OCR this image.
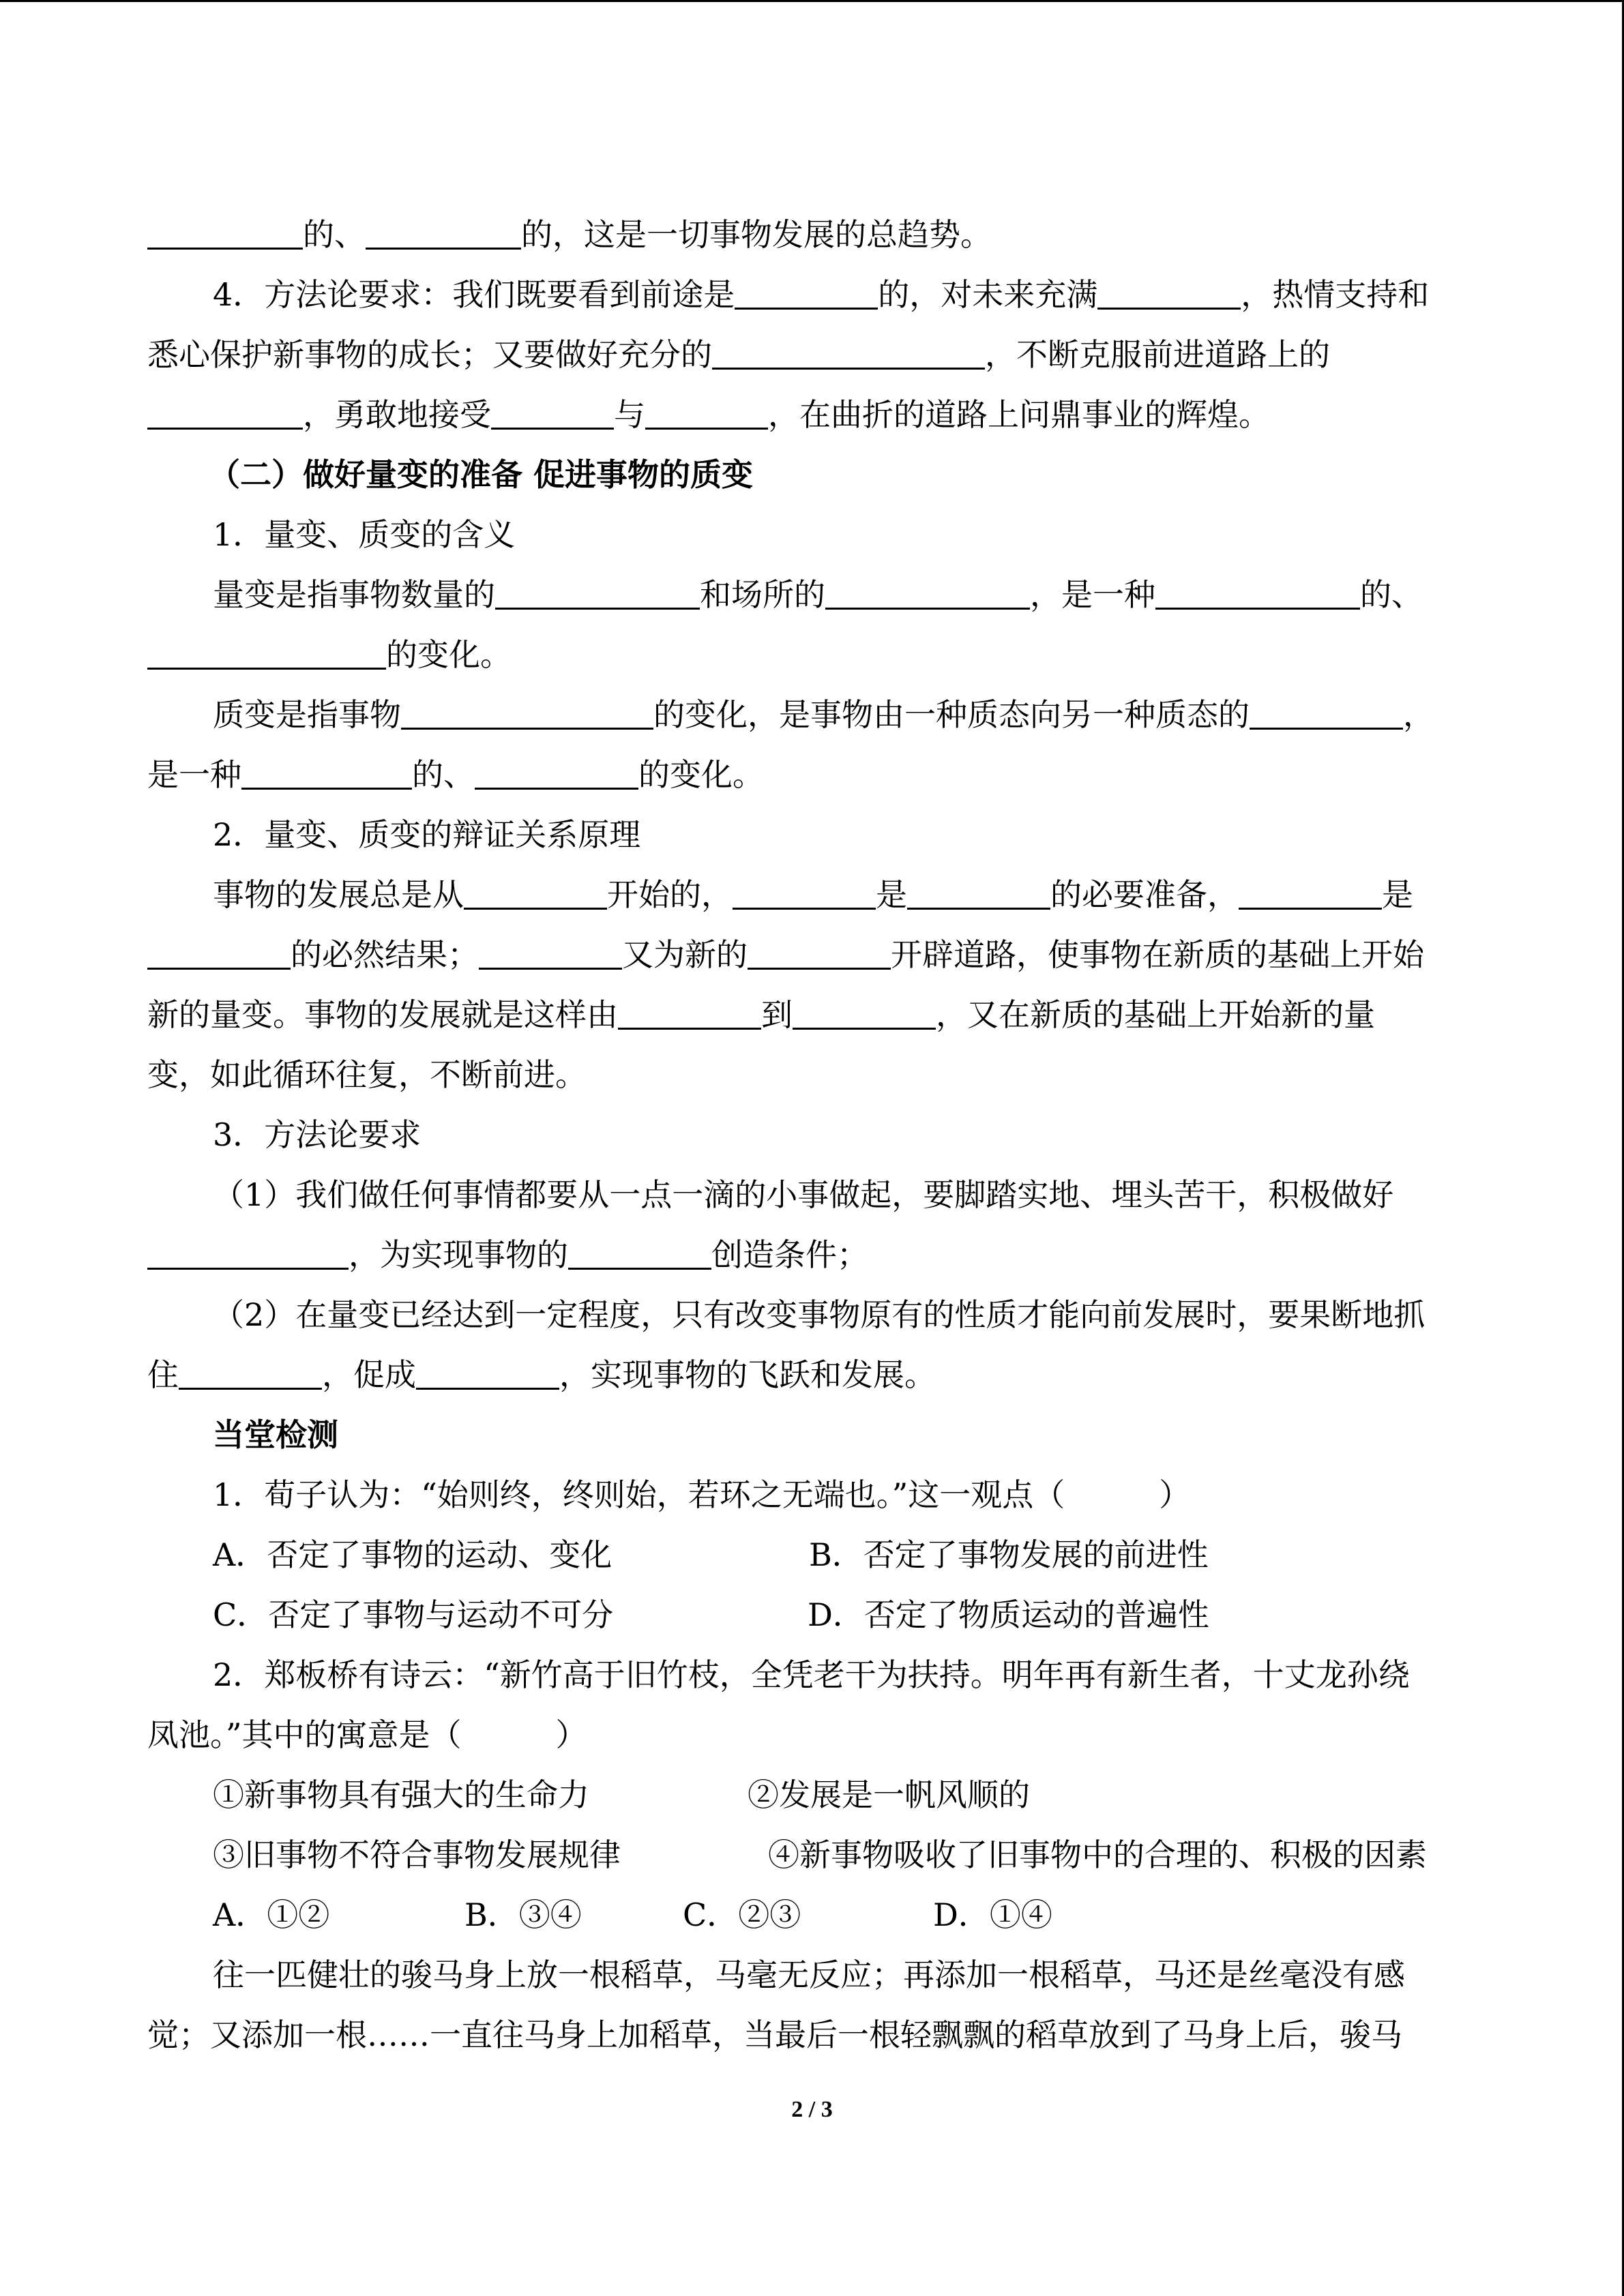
的、	的，这是一切事物发展的总趋势。
4．方法论要求：我们既要看到前途是	的，对未来充满	，热情支持和
悉心保护新事物的成长；又要做好充分的	，不断克服前进道路上的
，勇敢地接受	与	，在曲折的道路上问鼎事业的辉煌。
（二）做好量变的准备 促进事物的质变
1．量变、质变的含义
量变是指事物数量的	和场所的	，是一种	的、
的变化。
质变是指事物	的变化，是事物由一种质态向另一种质态的	，
是一种	的、	的变化。
2．量变、质变的辩证关系原理
事物的发展总是从	开始的，	是	的必要准备，	是
的必然结果；	又为新的	开辟道路，使事物在新质的基础上开始
新的量变。事物的发展就是这样由	到	，又在新质的基础上开始新的量
变，如此循环往复，不断前进。
3．方法论要求
（1）我们做任何事情都要从一点一滴的小事做起，要脚踏实地、埋头苦干，积极做好
，为实现事物的	创造条件；
（2）在量变已经达到一定程度，只有改变事物原有的性质才能向前发展时，要果断地抓
住	，促成	，实现事物的飞跃和发展。
当堂检测
1．荀子认为：“始则终，终则始，若环之无端也。”这一观点（　　　）
A．否定了事物的运动、变化	B．否定了事物发展的前进性
C．否定了事物与运动不可分	D．否定了物质运动的普遍性
2．郑板桥有诗云：“新竹高于旧竹枝，全凭老干为扶持。明年再有新生者，十丈龙孙绕
凤池。”其中的寓意是（　　　）
①新事物具有强大的生命力	②发展是一帆风顺的
③旧事物不符合事物发展规律	④新事物吸收了旧事物中的合理的、积极的因素
A．①②	B．③④	C．②③	D．①④
往一匹健壮的骏马身上放一根稻草，马毫无反应；再添加一根稻草，马还是丝毫没有感
觉；又添加一根……一直往马身上加稻草，当最后一根轻飘飘的稻草放到了马身上后，骏马
2 / 3
